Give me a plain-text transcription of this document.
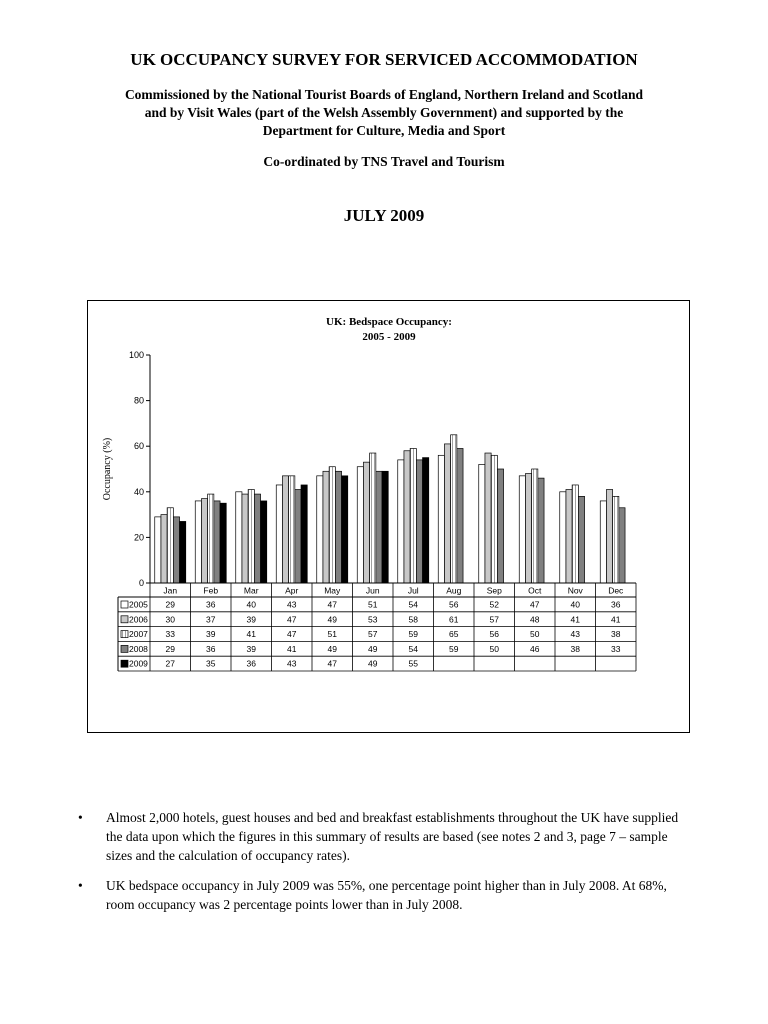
UK OCCUPANCY SURVEY FOR SERVICED ACCOMMODATION
Commissioned by the National Tourist Boards of England, Northern Ireland and Scotland
and by Visit Wales (part of the Welsh Assembly Government) and supported by the
Department for Culture, Media and Sport
Co-ordinated by TNS Travel and Tourism
JULY 2009
UK: Bedspace Occupancy:
2005 - 2009
Occupancy (%)
0
20
40
60
80
100
Jan	Feb	Mar	Apr	May	Jun	Jul	Aug	Sep	Oct	Nov	Dec
2005 29	36	40	43	47	51	54	56	52	47	40	36
2006 30	37	39	47	49	53	58	61	57	48	41	41
2007 33	39	41	47	51	57	59	65	56	50	43	38
2008 29	36	39	41	49	49	54	59	50	46	38	33
2009 27	35	36	43	47	49	55
• Almost 2,000 hotels, guest houses and bed and breakfast establishments throughout the UK have supplied the data upon which the figures in this summary of results are based (see notes 2 and 3, page 7 – sample sizes and the calculation of occupancy rates).
• UK bedspace occupancy in July 2009 was 55%, one percentage point higher than in July 2008. At 68%, room occupancy was 2 percentage points lower than in July 2008.
